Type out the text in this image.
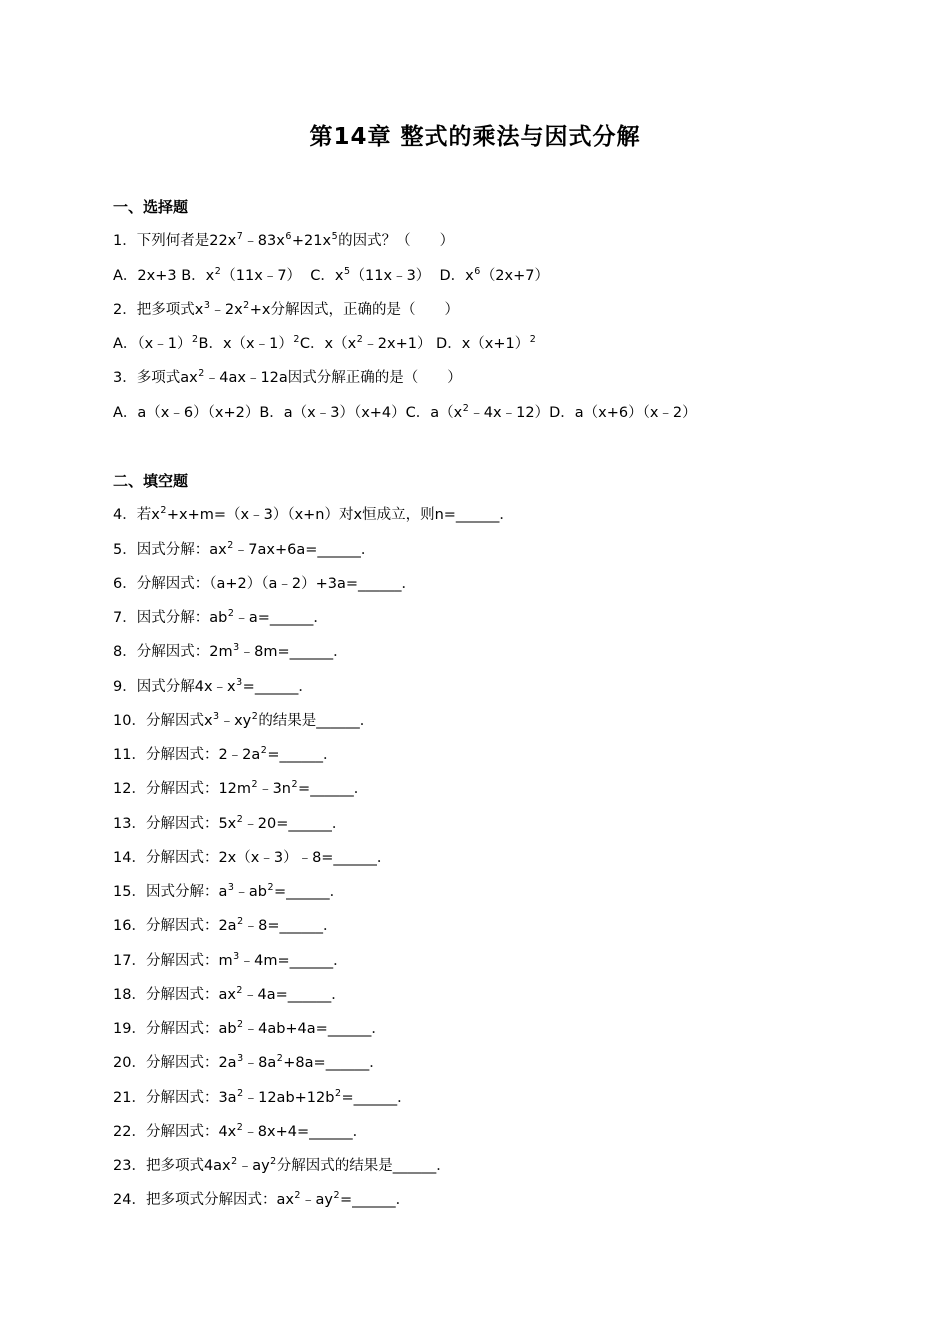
第14章 整式的乘法与因式分解
一、选择题
1．下列何者是$22x^7﹣83x^6+21x^5$的因式？（　　）
A．2x+3 B．$x^2(11x﹣7)$  C．$x^5(11x﹣3)$  D．$x^6(2x+7)$
2．把多项式$x^3﹣2x^2+x$分解因式，正确的是（　　）
A．（x﹣1）$^2$B．x（x﹣1）$^2$C．$x(x^2﹣2x+1)$ D．$x(x+1)^2$
3．多项式$ax^2﹣4ax﹣12a$因式分解正确的是（　　）
A．a（x﹣6）（x+2）B．a（x﹣3）（x+4）C．$a(x^2﹣4x﹣12)D$．a（x+6）（x﹣2）
二、填空题
4．若$x^2+x+m=(x﹣3)(x+n)$对x恒成立，则n=______．
5．因式分解：$ax^2﹣7ax+6a=\_\_\_\_\_\_$．
6．分解因式：（a+2）（a﹣2）+3a=______．
7．因式分解：$ab^2﹣a=\_\_\_\_\_\_$．
8．分解因式：$2m^3﹣8m=\_\_\_\_\_\_$．
9．因式分解$4x﹣x^3=\_\_\_\_\_\_$．
10．分解因式$x^3﹣xy^2$的结果是______．
11．分解因式：$2﹣2a^2=\_\_\_\_\_\_$．
12．分解因式：$12m^2﹣3n^2=\_\_\_\_\_\_$．
13．分解因式：$5x^2﹣20=\_\_\_\_\_\_$．
14．分解因式：2x（x﹣3）﹣8=______．
15．因式分解：$a^3﹣ab^2=\_\_\_\_\_\_$．
16．分解因式：$2a^2﹣8=\_\_\_\_\_\_$．
17．分解因式：$m^3﹣4m=\_\_\_\_\_\_$．
18．分解因式：$ax^2﹣4a=\_\_\_\_\_\_$．
19．分解因式：$ab^2﹣4ab+4a=\_\_\_\_\_\_$．
20．分解因式：$2a^3﹣8a^2+8a=\_\_\_\_\_\_$．
21．分解因式：$3a^2﹣12ab+12b^2=\_\_\_\_\_\_$．
22．分解因式：$4x^2﹣8x+4=\_\_\_\_\_\_$．
23．把多项式$4ax^2﹣ay^2$分解因式的结果是______．
24．把多项式分解因式：$ax^2﹣ay^2=\_\_\_\_\_\_$．
